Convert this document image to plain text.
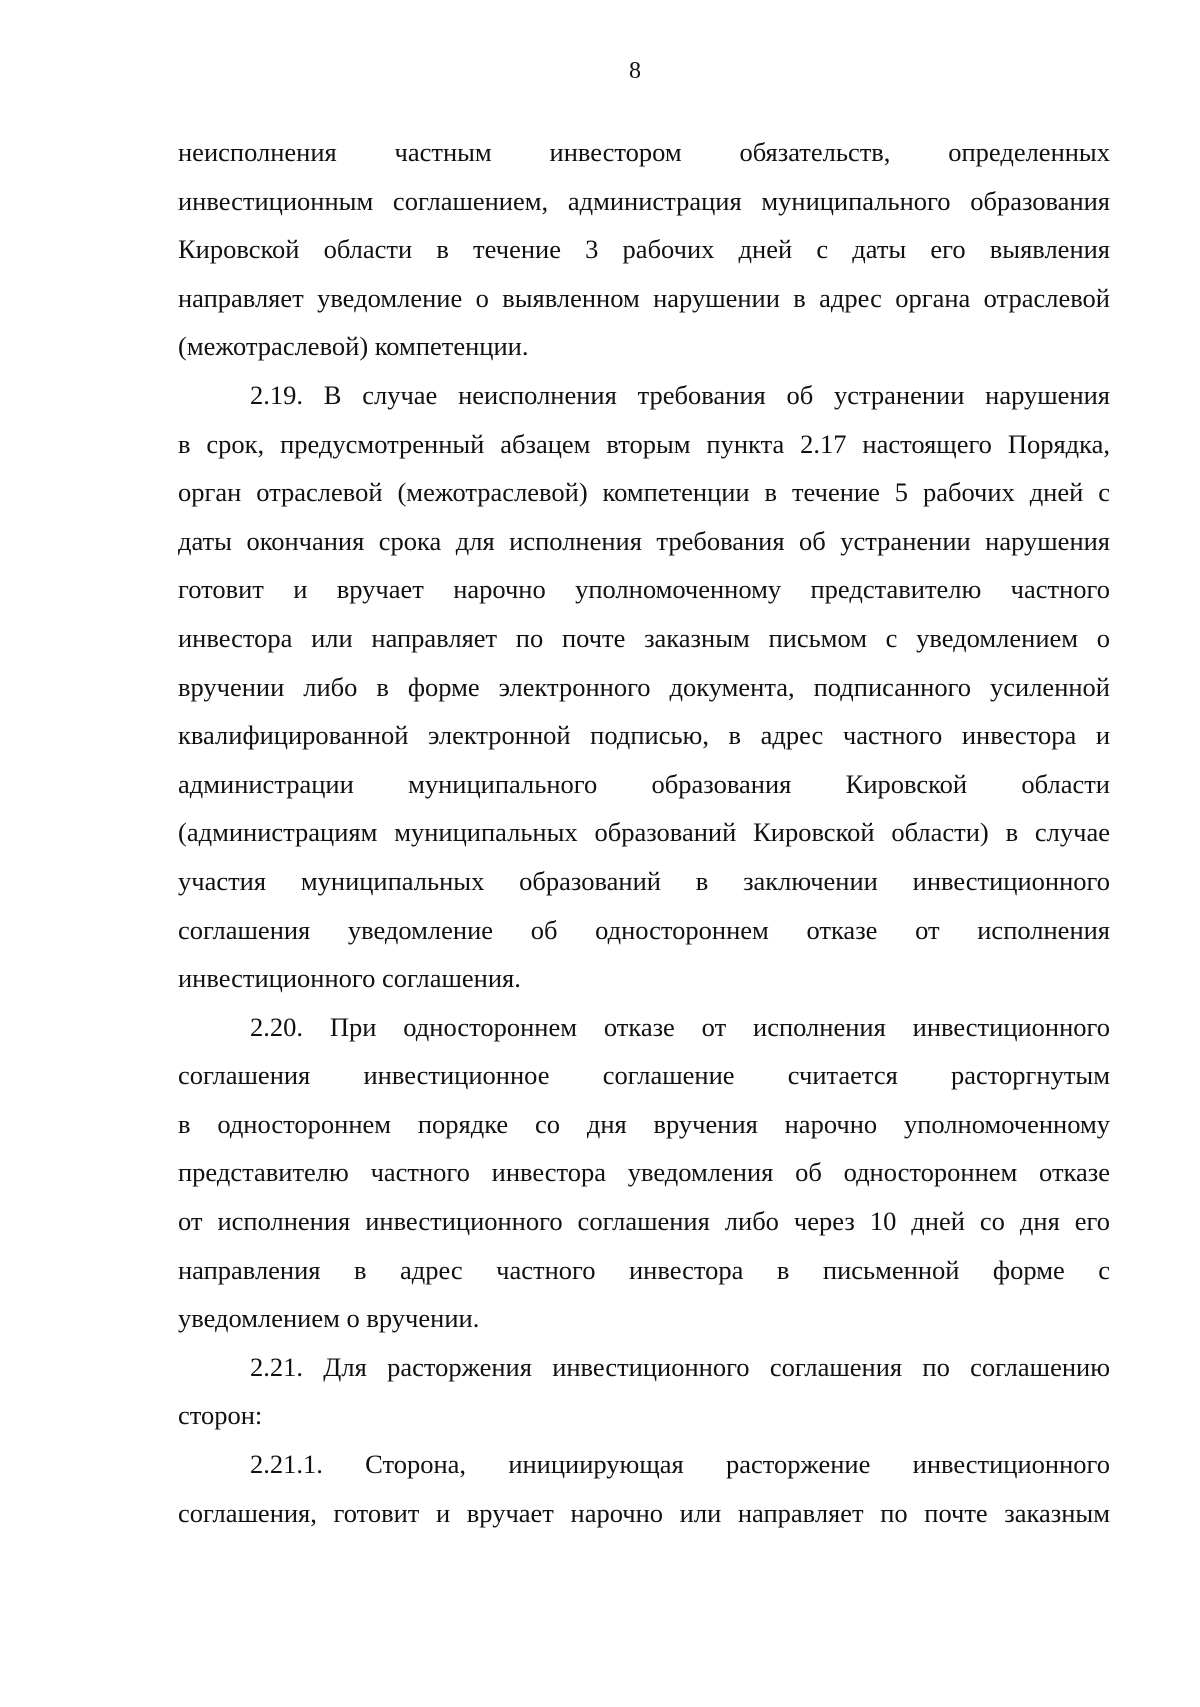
8
неисполнения частным инвестором обязательств, определенных
инвестиционным соглашением, администрация муниципального образования
Кировской области в течение 3 рабочих дней с даты его выявления
направляет уведомление о выявленном нарушении в адрес органа отраслевой
(межотраслевой) компетенции.
2.19. В случае неисполнения требования об устранении нарушения
в срок, предусмотренный абзацем вторым пункта 2.17 настоящего Порядка,
орган отраслевой (межотраслевой) компетенции в течение 5 рабочих дней с
даты окончания срока для исполнения требования об устранении нарушения
готовит и вручает нарочно уполномоченному представителю частного
инвестора или направляет по почте заказным письмом с уведомлением о
вручении либо в форме электронного документа, подписанного усиленной
квалифицированной электронной подписью, в адрес частного инвестора и
администрации муниципального образования Кировской области
(администрациям муниципальных образований Кировской области) в случае
участия муниципальных образований в заключении инвестиционного
соглашения уведомление об одностороннем отказе от исполнения
инвестиционного соглашения.
2.20. При одностороннем отказе от исполнения инвестиционного
соглашения инвестиционное соглашение считается расторгнутым
в одностороннем порядке со дня вручения нарочно уполномоченному
представителю частного инвестора уведомления об одностороннем отказе
от исполнения инвестиционного соглашения либо через 10 дней со дня его
направления в адрес частного инвестора в письменной форме с
уведомлением о вручении.
2.21. Для расторжения инвестиционного соглашения по соглашению
сторон:
2.21.1. Сторона, инициирующая расторжение инвестиционного
соглашения, готовит и вручает нарочно или направляет по почте заказным
